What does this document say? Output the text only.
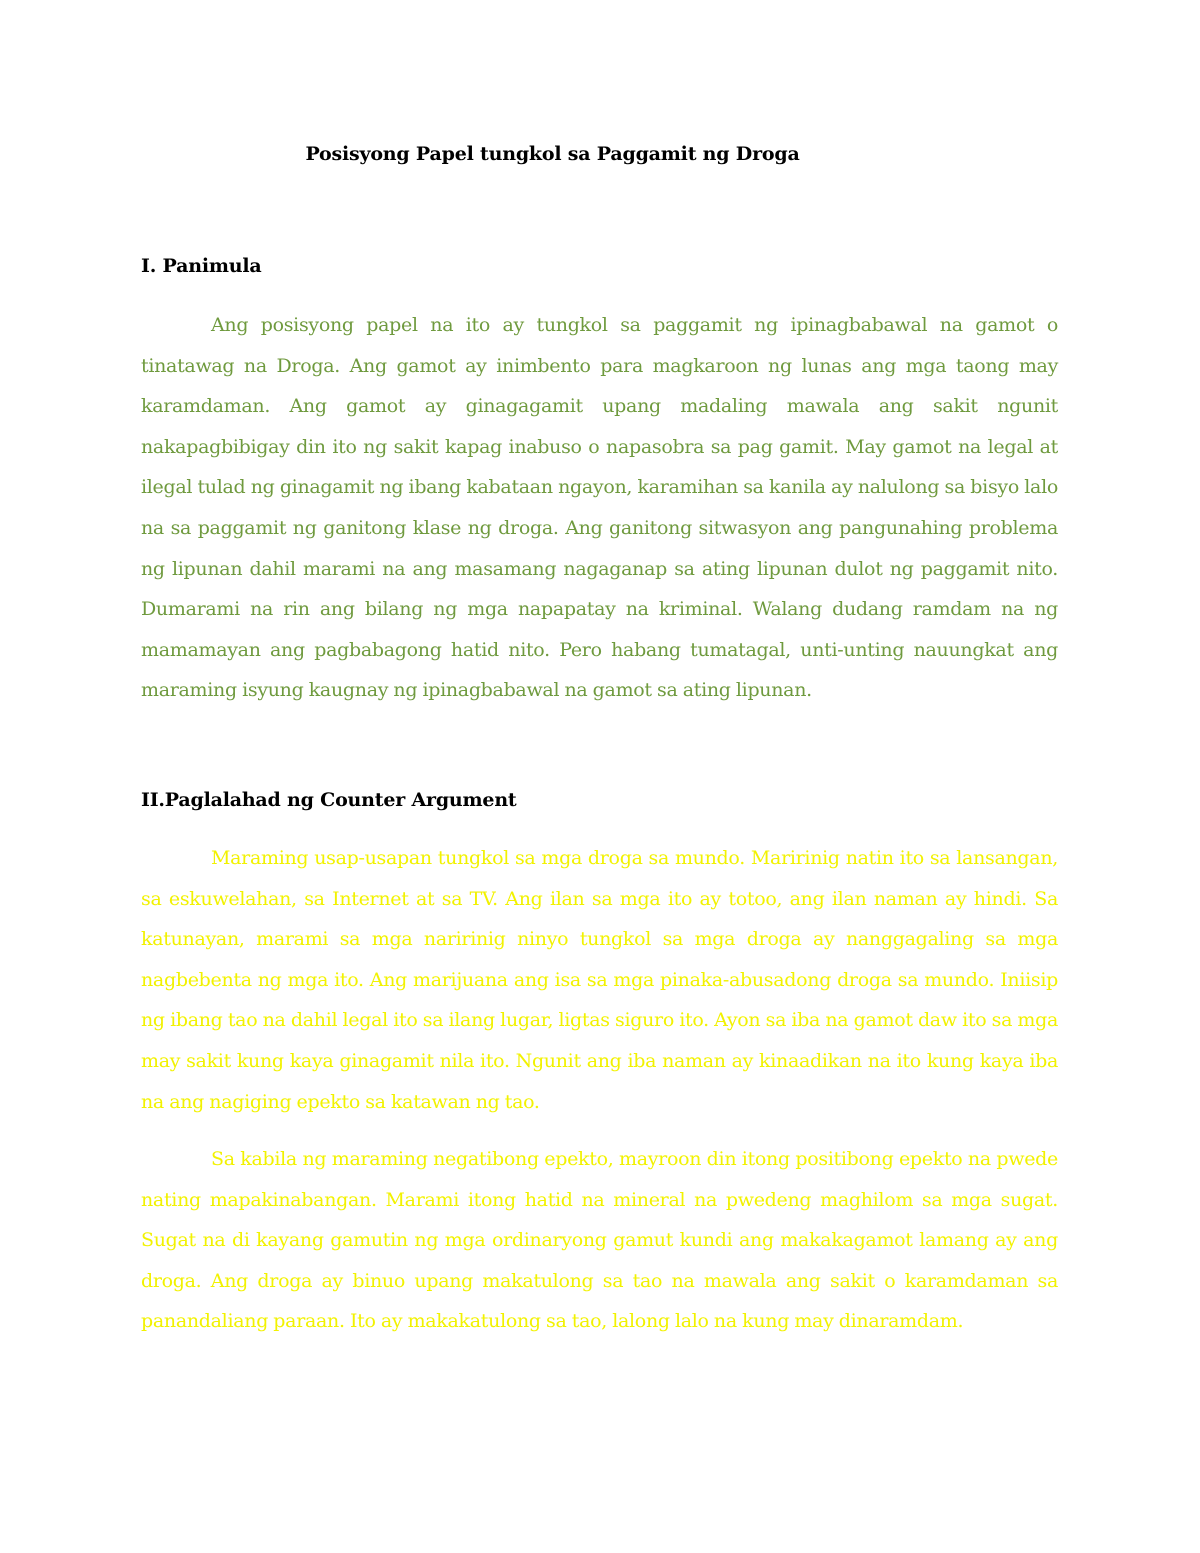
Posisyong Papel tungkol sa Paggamit ng Droga
I. Panimula

Ang posisyong papel na ito ay tungkol sa paggamit ng ipinagbabawal na gamot o tinatawag na Droga. Ang gamot ay inimbento para magkaroon ng lunas ang mga taong may karamdaman. Ang gamot ay ginagagamit upang madaling mawala ang sakit ngunit nakapagbibigay din ito ng sakit kapag inabuso o napasobra sa pag gamit. May gamot na legal at ilegal tulad ng ginagamit ng ibang kabataan ngayon, karamihan sa kanila ay nalulong sa bisyo lalo na sa paggamit ng ganitong klase ng droga. Ang ganitong sitwasyon ang pangunahing problema ng lipunan dahil marami na ang masamang nagaganap sa ating lipunan dulot ng paggamit nito. Dumarami na rin ang bilang ng mga napapatay na kriminal. Walang dudang ramdam na ng mamamayan ang pagbabagong hatid nito. Pero habang tumatagal, unti-unting nauungkat ang maraming isyung kaugnay ng ipinagbabawal na gamot sa ating lipunan.

II.Paglalahad ng Counter Argument

Maraming usap-usapan tungkol sa mga droga sa mundo. Maririnig natin ito sa lansangan, sa eskuwelahan, sa Internet at sa TV. Ang ilan sa mga ito ay totoo, ang ilan naman ay hindi. Sa katunayan, marami sa mga naririnig ninyo tungkol sa mga droga ay nanggagaling sa mga nagbebenta ng mga ito. Ang marijuana ang isa sa mga pinaka-abusadong droga sa mundo. Iniisip ng ibang tao na dahil legal ito sa ilang lugar, ligtas siguro ito. Ayon sa iba na gamot daw ito sa mga may sakit kung kaya ginagamit nila ito. Ngunit ang iba naman ay kinaadikan na ito kung kaya iba na ang nagiging epekto sa katawan ng tao.

Sa kabila ng maraming negatibong epekto, mayroon din itong positibong epekto na pwede nating mapakinabangan. Marami itong hatid na mineral na pwedeng maghilom sa mga sugat. Sugat na di kayang gamutin ng mga ordinaryong gamut kundi ang makakagamot lamang ay ang droga. Ang droga ay binuo upang makatulong sa tao na mawala ang sakit o karamdaman sa panandaliang paraan. Ito ay makakatulong sa tao, lalong lalo na kung may dinaramdam.
